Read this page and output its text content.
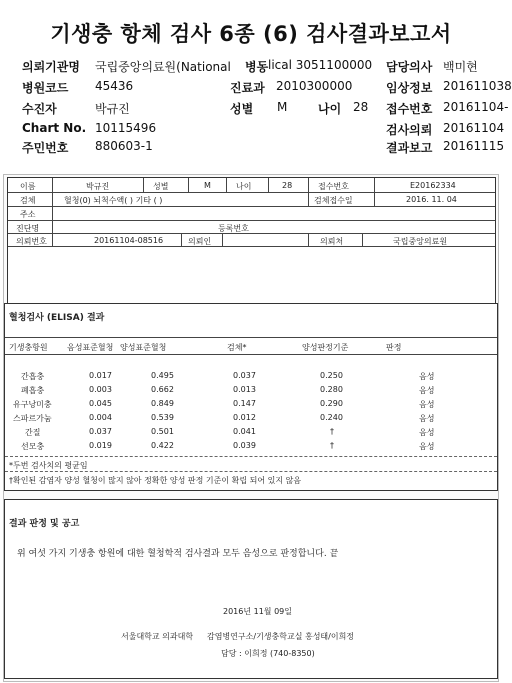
기생충 항체 검사 6종 (6) 검사결과보고서
의뢰기관명 국립중앙의료원(National 병동 lical 3051100000 담당의사 백미현
병원코드 45436	진료과 2010300000	임상정보 201611038
수진자	박규진	성별 M	나이 28 접수번호 20161104-
Chart No. 10115496	검사의뢰 20161104
주민번호 880603-1	결과보고 20161115
이름	박규진	성별	M	나이	28	접수번호	E20162334
검체	혈청(0) 뇌척수액( ) 기타 ( )	검체접수일	2016. 11. 04
주소
진단명	등록번호
의뢰번호	20161104-08516	의뢰인	의뢰처	국립중앙의료원
혈청검사 (ELISA) 결과
기생충항원 음성표준혈청 양성표준혈청	검체*	양성판정기준	판정
간흡충	0.017	0.495	0.037	0.250	음성
폐흡충	0.003	0.662	0.013	0.280	음성
유구낭미충	0.045	0.849	0.147	0.290	음성
스파르가눔	0.004	0.539	0.012	0.240	음성
간질	0.037	0.501	0.041	†	음성
선모충	0.019	0.422	0.039	†	음성
*두번 검사치의 평균임
†확인된 감염자 양성 혈청이 많지 않아 정확한 양성 판정 기준이 확립 되어 있지 않음
결과 판정 및 공고
위 여섯 가지 기생충 항원에 대한 혈청학적 검사결과 모두 음성으로 판정합니다. 끝
2016년 11월 09일
서울대학교 의과대학 감염병연구소/기생충학교실 홍성태/이희정
담당 : 이희정 (740-8350)
